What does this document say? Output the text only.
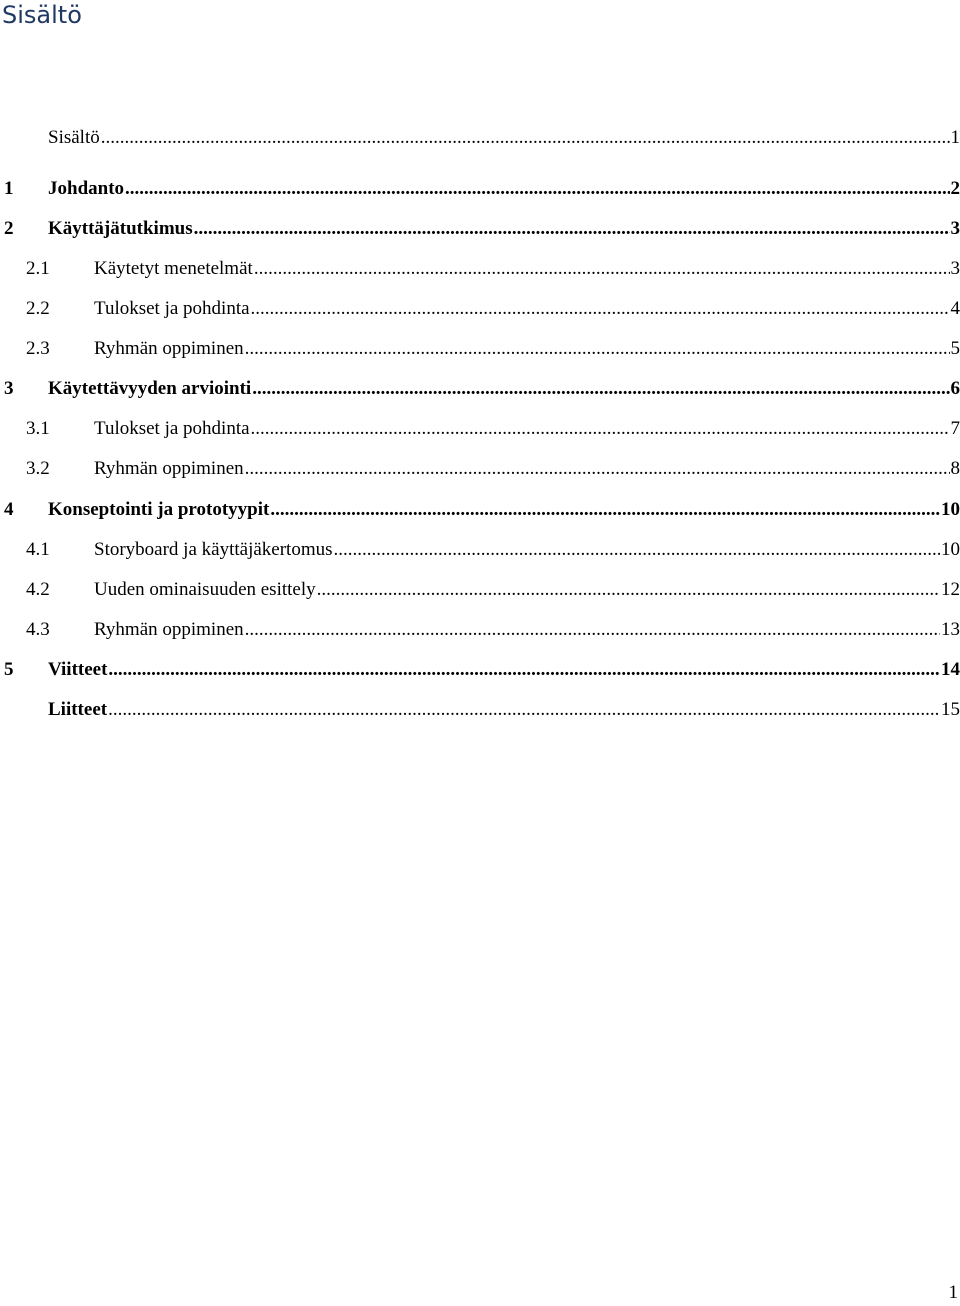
Sisältö
Sisältö .....	1
1 Johdanto .....	2
2 Käyttäjätutkimus .....	3
2.1 Käytetyt menetelmät .....	3
2.2 Tulokset ja pohdinta .....	4
2.3 Ryhmän oppiminen .....	5
3 Käytettävyyden arviointi .....	6
3.1 Tulokset ja pohdinta .....	7
3.2 Ryhmän oppiminen .....	8
4 Konseptointi ja prototyypit .....	10
4.1 Storyboard ja käyttäjäkertomus .....	10
4.2 Uuden ominaisuuden esittely .....	12
4.3 Ryhmän oppiminen .....	13
5 Viitteet .....	14
Liitteet .....	15
1
